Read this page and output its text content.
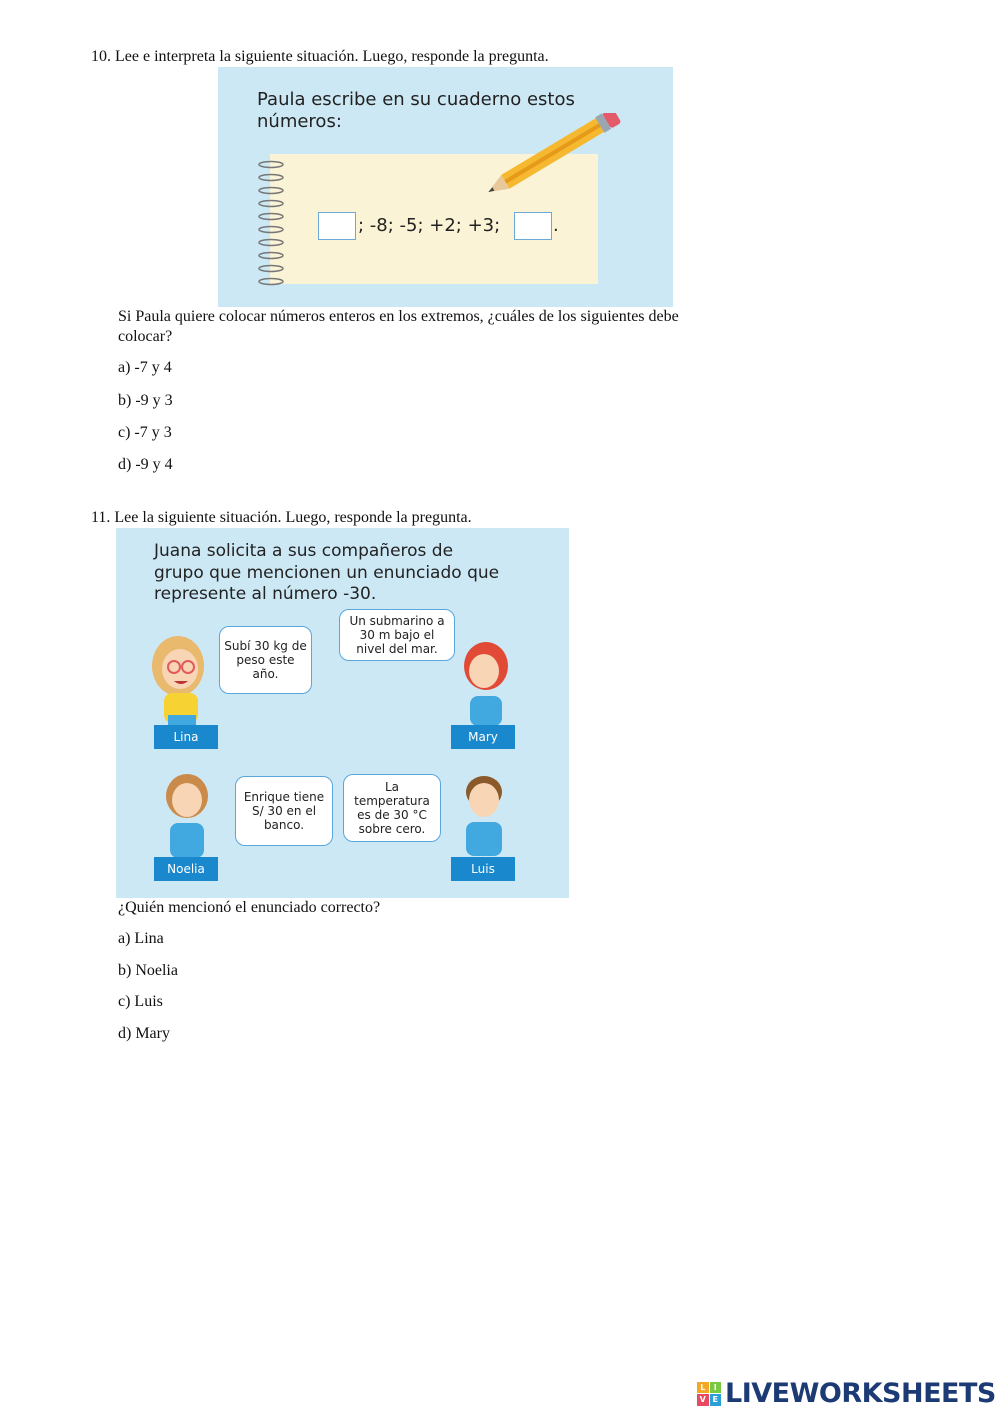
10. Lee e interpreta la siguiente situación. Luego, responde la pregunta.
Paula escribe en su cuaderno estos
números:
; -8; -5; +2; +3;	.
Si Paula quiere colocar números enteros en los extremos, ¿cuáles de los siguientes debe
colocar?
a) -7 y 4
b) -9 y 3
c) -7 y 3
d) -9 y 4
11. Lee la siguiente situación. Luego, responde la pregunta.
Juana solicita a sus compañeros de
grupo que mencionen un enunciado que
represente al número -30.
Subí 30 kg de peso este año.
Lina
Un submarino a 30 m bajo el nivel del mar.
Mary
Enrique tiene S/ 30 en el banco.
Noelia
La temperatura es de 30 °C sobre cero.
Luis
¿Quién mencionó el enunciado correcto?
a) Lina
b) Noelia
c) Luis
d) Mary
L	I
V E LIVEWORKSHEETS
